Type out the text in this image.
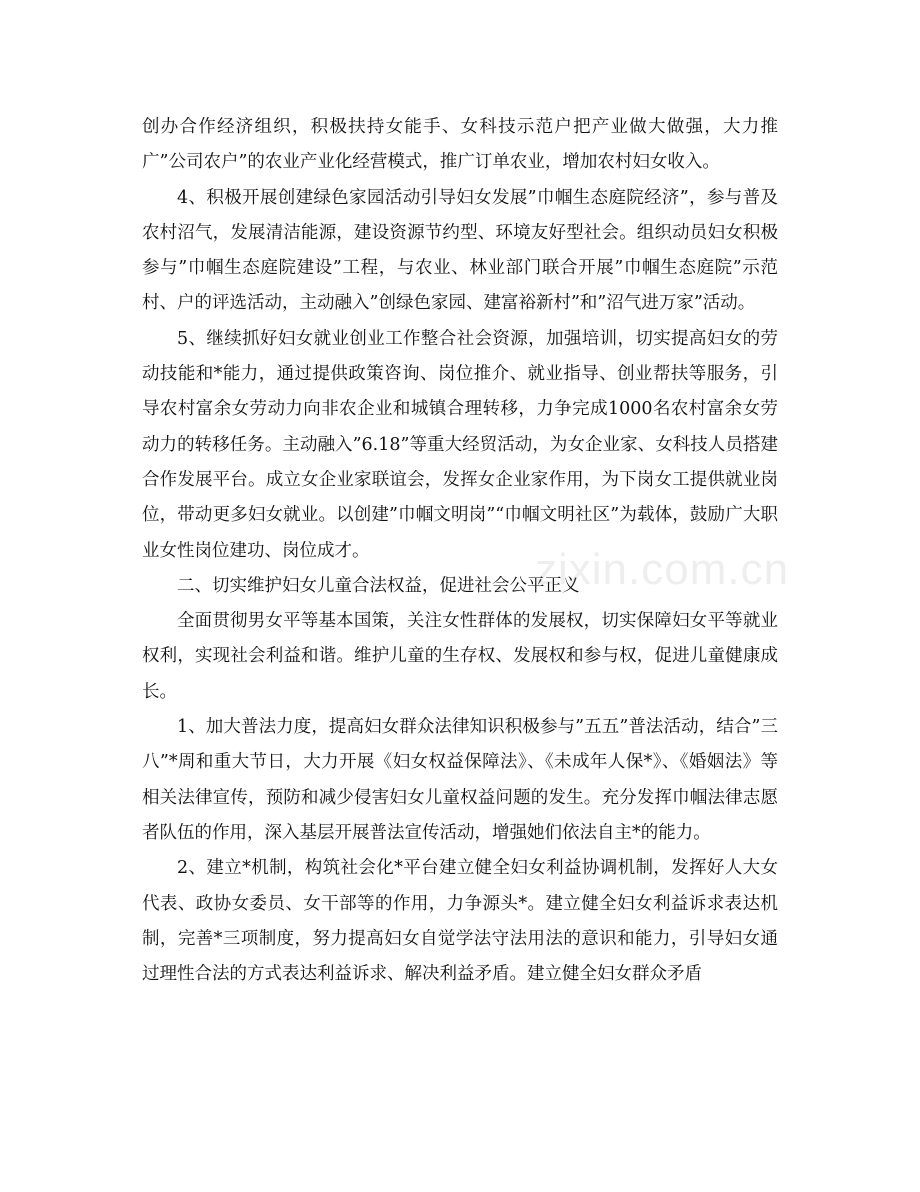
创办合作经济组织，积极扶持女能手、女科技示范户把产业做大做强，大力推广”公司农户”的农业产业化经营模式，推广订单农业，增加农村妇女收入。

4、积极开展创建绿色家园活动引导妇女发展”巾帼生态庭院经济”，参与普及农村沼气，发展清洁能源，建设资源节约型、环境友好型社会。组织动员妇女积极参与”巾帼生态庭院建设”工程，与农业、林业部门联合开展”巾帼生态庭院”示范村、户的评选活动，主动融入”创绿色家园、建富裕新村”和”沼气进万家”活动。

5、继续抓好妇女就业创业工作整合社会资源，加强培训，切实提高妇女的劳动技能和*能力，通过提供政策咨询、岗位推介、就业指导、创业帮扶等服务，引导农村富余女劳动力向非农企业和城镇合理转移，力争完成1000名农村富余女劳动力的转移任务。主动融入”6.18”等重大经贸活动，为女企业家、女科技人员搭建合作发展平台。成立女企业家联谊会，发挥女企业家作用，为下岗女工提供就业岗位，带动更多妇女就业。以创建”巾帼文明岗”“巾帼文明社区”为载体，鼓励广大职业女性岗位建功、岗位成才。

二、切实维护妇女儿童合法权益，促进社会公平正义

全面贯彻男女平等基本国策，关注女性群体的发展权，切实保障妇女平等就业权利，实现社会利益和谐。维护儿童的生存权、发展权和参与权，促进儿童健康成长。

1、加大普法力度，提高妇女群众法律知识积极参与”五五”普法活动，结合”三八”*周和重大节日，大力开展《妇女权益保障法》、《未成年人保*》、《婚姻法》等相关法律宣传，预防和减少侵害妇女儿童权益问题的发生。充分发挥巾帼法律志愿者队伍的作用，深入基层开展普法宣传活动，增强她们依法自主*的能力。

2、建立*机制，构筑社会化*平台建立健全妇女利益协调机制，发挥好人大女代表、政协女委员、女干部等的作用，力争源头*。建立健全妇女利益诉求表达机制，完善*三项制度，努力提高妇女自觉学法守法用法的意识和能力，引导妇女通过理性合法的方式表达利益诉求、解决利益矛盾。建立健全妇女群众矛盾

zixin.com.cn
